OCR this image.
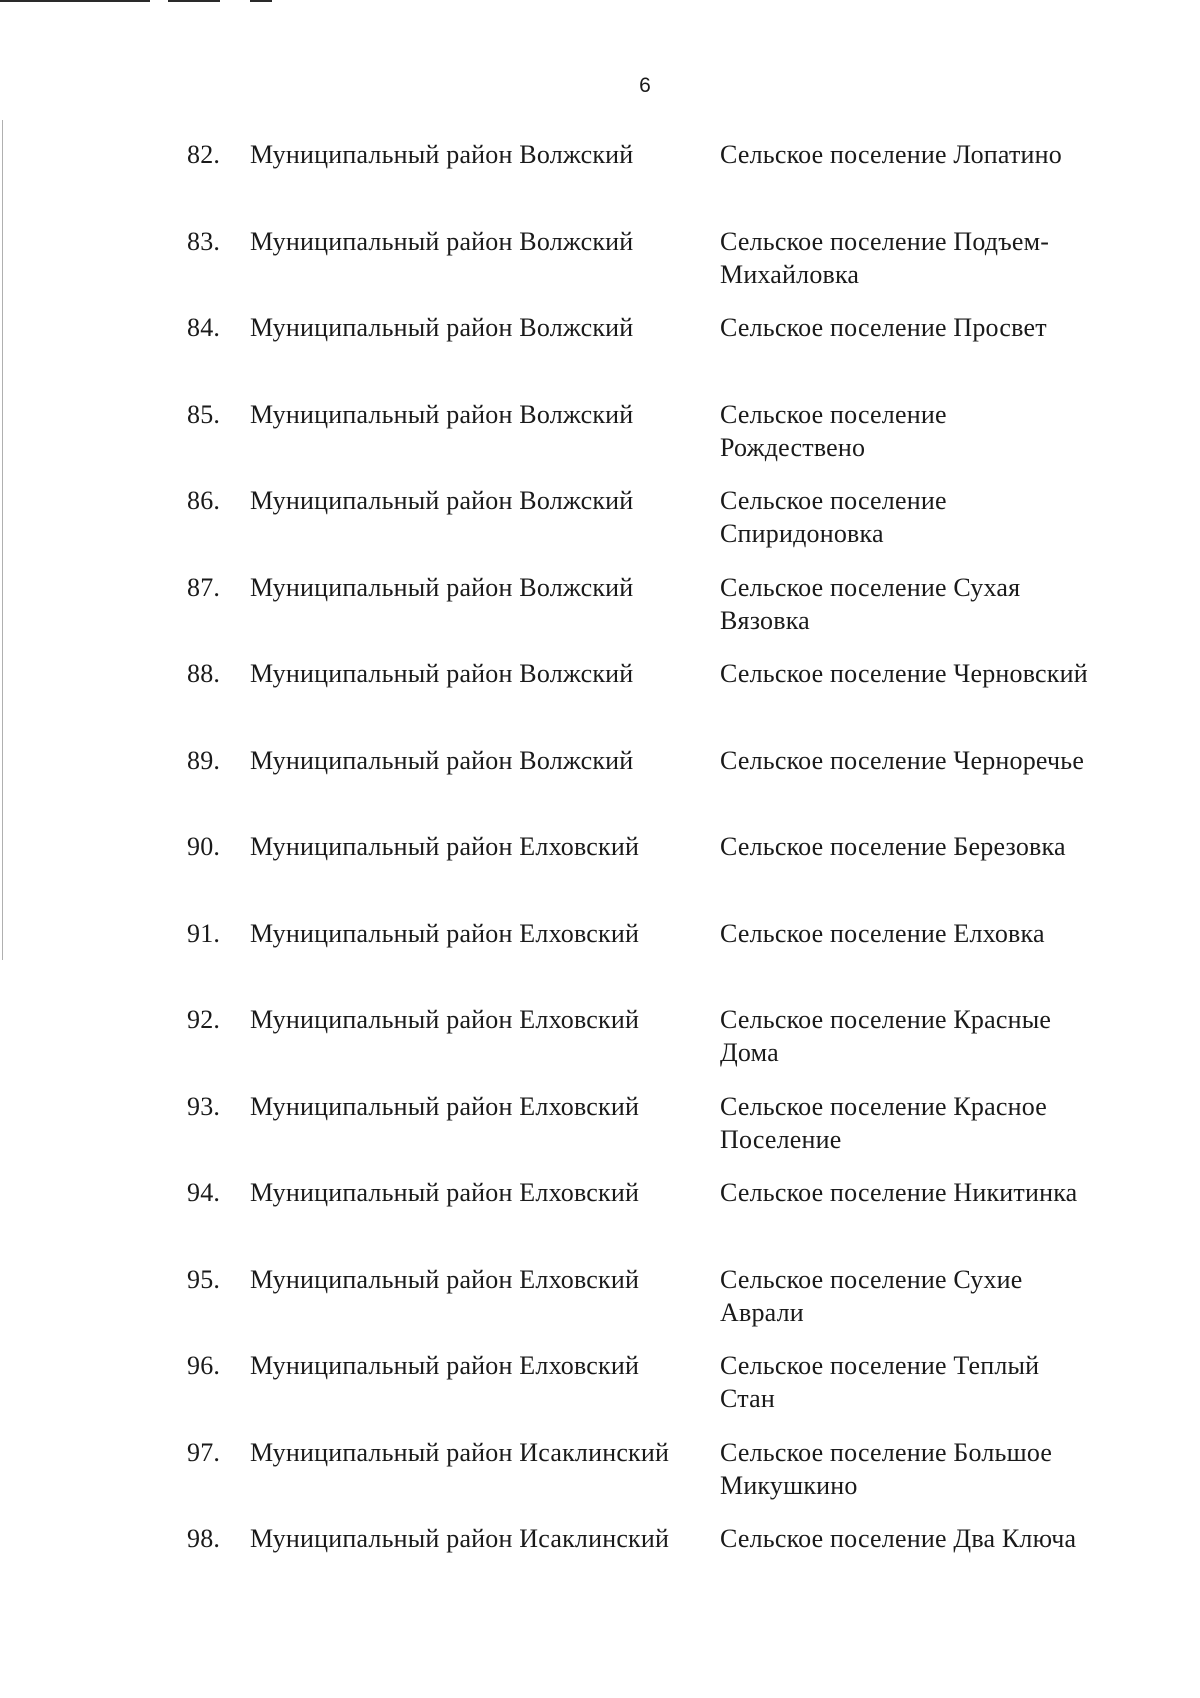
6
82. Муниципальный район Волжский	Сельское поселение Лопатино
83. Муниципальный район Волжский	Сельское поселение Подъем-Михайловка
84. Муниципальный район Волжский	Сельское поселение Просвет
85. Муниципальный район Волжский	Сельское поселение Рождествено
86. Муниципальный район Волжский	Сельское поселение Спиридоновка
87. Муниципальный район Волжский	Сельское поселение Сухая Вязовка
88. Муниципальный район Волжский	Сельское поселение Черновский
89. Муниципальный район Волжский	Сельское поселение Черноречье
90. Муниципальный район Елховский	Сельское поселение Березовка
91. Муниципальный район Елховский	Сельское поселение Елховка
92. Муниципальный район Елховский	Сельское поселение Красные Дома
93. Муниципальный район Елховский	Сельское поселение Красное Поселение
94. Муниципальный район Елховский	Сельское поселение Никитинка
95. Муниципальный район Елховский	Сельское поселение Сухие Аврали
96. Муниципальный район Елховский	Сельское поселение Теплый Стан
97. Муниципальный район Исаклинский Сельское поселение Большое Микушкино
98. Муниципальный район Исаклинский Сельское поселение Два Ключа
